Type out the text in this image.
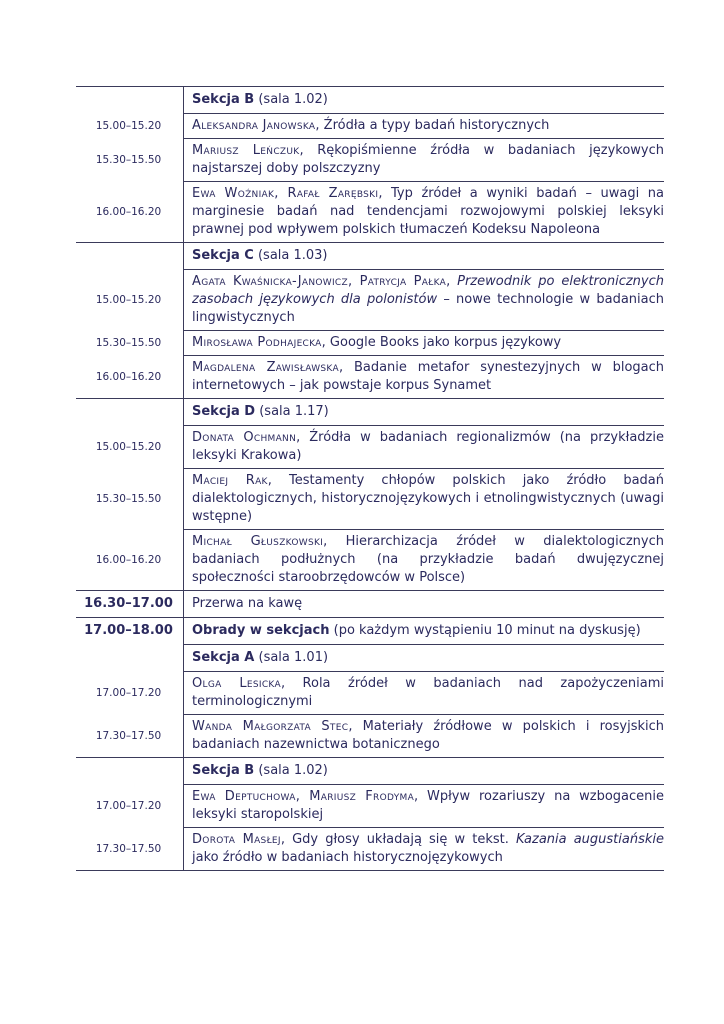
	Sekcja B (sala 1.02)
15.00–15.20	Aleksandra Janowska, Źródła a typy badań historycznych
15.30–15.50	Mariusz Leńczuk, Rękopiśmienne źródła w badaniach językowych najstarszej doby polszczyzny
16.00–16.20	Ewa Woźniak, Rafał Zarębski, Typ źródeł a wyniki badań – uwagi na marginesie badań nad tendencjami rozwojowymi polskiej leksyki prawnej pod wpływem polskich tłumaczeń Kodeksu Napoleona
	Sekcja C (sala 1.03)
15.00–15.20	Agata Kwaśnicka-Janowicz, Patrycja Pałka, Przewodnik po elektronicznych zasobach językowych dla polonistów – nowe technologie w badaniach lingwistycznych
15.30–15.50	Mirosława Podhajecka, Google Books jako korpus językowy
16.00–16.20	Magdalena Zawisławska, Badanie metafor synestezyjnych w blogach internetowych – jak powstaje korpus Synamet
	Sekcja D (sala 1.17)
15.00–15.20	Donata Ochmann, Źródła w badaniach regionalizmów (na przykładzie leksyki Krakowa)
15.30–15.50	Maciej Rak, Testamenty chłopów polskich jako źródło badań dialektologicznych, historycznojęzykowych i etnolingwistycznych (uwagi wstępne)
16.00–16.20	Michał Głuszkowski, Hierarchizacja źródeł w dialektologicznych badaniach podłużnych (na przykładzie badań dwujęzycznej społeczności staroobrzędowców w Polsce)
16.30–17.00	Przerwa na kawę
17.00–18.00	Obrady w sekcjach (po każdym wystąpieniu 10 minut na dyskusję)
	Sekcja A (sala 1.01)
17.00–17.20	Olga Lesicka, Rola źródeł w badaniach nad zapożyczeniami terminologicznymi
17.30–17.50	Wanda Małgorzata Stec, Materiały źródłowe w polskich i rosyjskich badaniach nazewnictwa botanicznego
	Sekcja B (sala 1.02)
17.00–17.20	Ewa Deptuchowa, Mariusz Frodyma, Wpływ rozariuszy na wzbogacenie leksyki staropolskiej
17.30–17.50	Dorota Masłej, Gdy głosy układają się w tekst. Kazania augustiańskie jako źródło w badaniach historycznojęzykowych
